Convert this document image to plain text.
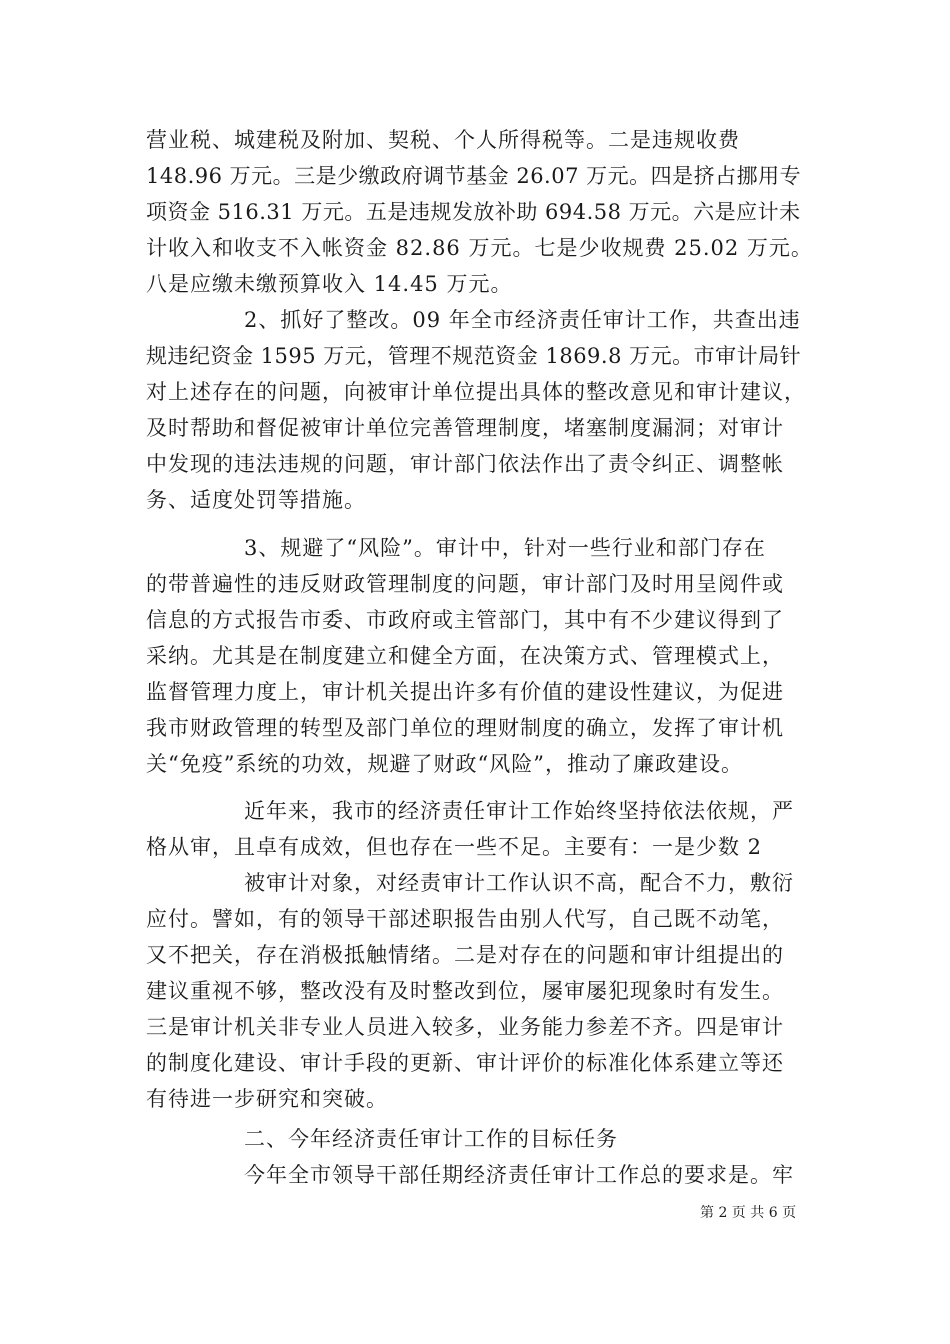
营业税、城建税及附加、契税、个人所得税等。二是违规收费
148.96 万元。三是少缴政府调节基金 26.07 万元。四是挤占挪用专
项资金 516.31 万元。五是违规发放补助 694.58 万元。六是应计未
计收入和收支不入帐资金 82.86 万元。七是少收规费 25.02 万元。
八是应缴未缴预算收入 14.45 万元。
2、抓好了整改。09 年全市经济责任审计工作，共查出违
规违纪资金 1595 万元，管理不规范资金 1869.8 万元。市审计局针
对上述存在的问题，向被审计单位提出具体的整改意见和审计建议，
及时帮助和督促被审计单位完善管理制度，堵塞制度漏洞；对审计
中发现的违法违规的问题，审计部门依法作出了责令纠正、调整帐
务、适度处罚等措施。
3、规避了“风险”。审计中，针对一些行业和部门存在
的带普遍性的违反财政管理制度的问题，审计部门及时用呈阅件或
信息的方式报告市委、市政府或主管部门，其中有不少建议得到了
采纳。尤其是在制度建立和健全方面，在决策方式、管理模式上，
监督管理力度上，审计机关提出许多有价值的建设性建议，为促进
我市财政管理的转型及部门单位的理财制度的确立，发挥了审计机
关“免疫”系统的功效，规避了财政“风险”，推动了廉政建设。
近年来，我市的经济责任审计工作始终坚持依法依规，严
格从审，且卓有成效，但也存在一些不足。主要有：一是少数 2
被审计对象，对经责审计工作认识不高，配合不力，敷衍
应付。譬如，有的领导干部述职报告由别人代写，自己既不动笔，
又不把关，存在消极抵触情绪。二是对存在的问题和审计组提出的
建议重视不够，整改没有及时整改到位，屡审屡犯现象时有发生。
三是审计机关非专业人员进入较多，业务能力参差不齐。四是审计
的制度化建设、审计手段的更新、审计评价的标准化体系建立等还
有待进一步研究和突破。
二、今年经济责任审计工作的目标任务
今年全市领导干部任期经济责任审计工作总的要求是。牢
第 2 页 共 6 页
